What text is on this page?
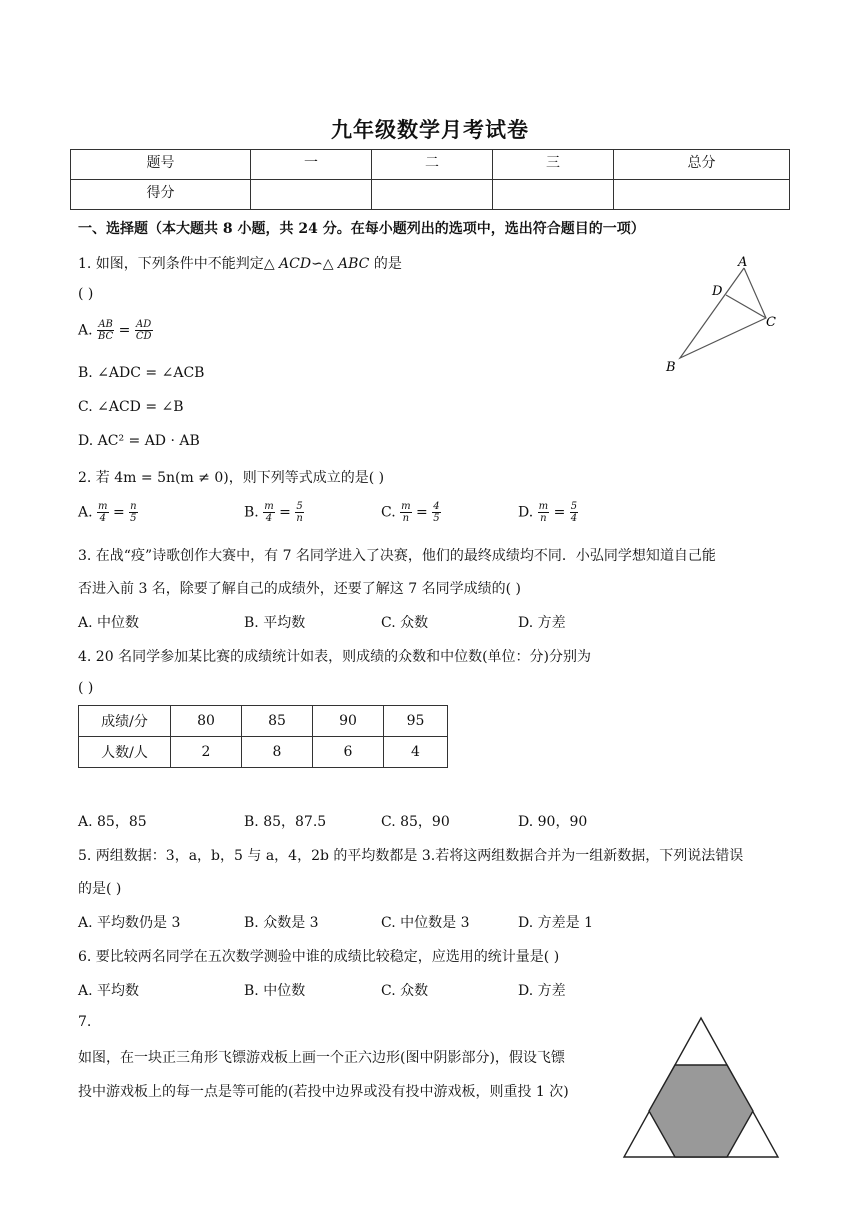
九年级数学月考试卷
题号	一	二	三	总分

得分				

一、选择题（本大题共 8 小题，共 24 分。在每小题列出的选项中，选出符合题目的一项）
1. 如图，下列条件中不能判定△ ACD∽△ ABC 的是
( )
A. $\frac{AB}{BC} = \frac{AD}{CD}$
B. ∠ADC = ∠ACB
C. ∠ACD = ∠B
D. AC² = AD · AB
A
D
C
B
2. 若 4m = 5n(m ≠ 0)，则下列等式成立的是( )
A. $\frac{m}{4} = \frac{n}{5}$	B. $\frac{m}{4} = \frac{5}{n}$	C. $\frac{m}{n} = \frac{4}{5}$	D. $\frac{m}{n} = \frac{5}{4}$
3. 在战“疫”诗歌创作大赛中，有 7 名同学进入了决赛，他们的最终成绩均不同．小弘同学想知道自己能
否进入前 3 名，除要了解自己的成绩外，还要了解这 7 名同学成绩的( )
A. 中位数	B. 平均数	C. 众数	D. 方差
4. 20 名同学参加某比赛的成绩统计如表，则成绩的众数和中位数(单位：分)分别为
( )
成绩/分	80	85	90	95
人数/人	2	8	6	4
A. 85，85	B. 85，87.5	C. 85，90	D. 90，90
5. 两组数据：3，a，b，5 与 a，4，2b 的平均数都是 3.若将这两组数据合并为一组新数据，下列说法错误
的是( )
A. 平均数仍是 3	B. 众数是 3	C. 中位数是 3	D. 方差是 1
6. 要比较两名同学在五次数学测验中谁的成绩比较稳定，应选用的统计量是( )
A. 平均数	B. 中位数	C. 众数	D. 方差
7.
如图，在一块正三角形飞镖游戏板上画一个正六边形(图中阴影部分)，假设飞镖
投中游戏板上的每一点是等可能的(若投中边界或没有投中游戏板，则重投 1 次)
